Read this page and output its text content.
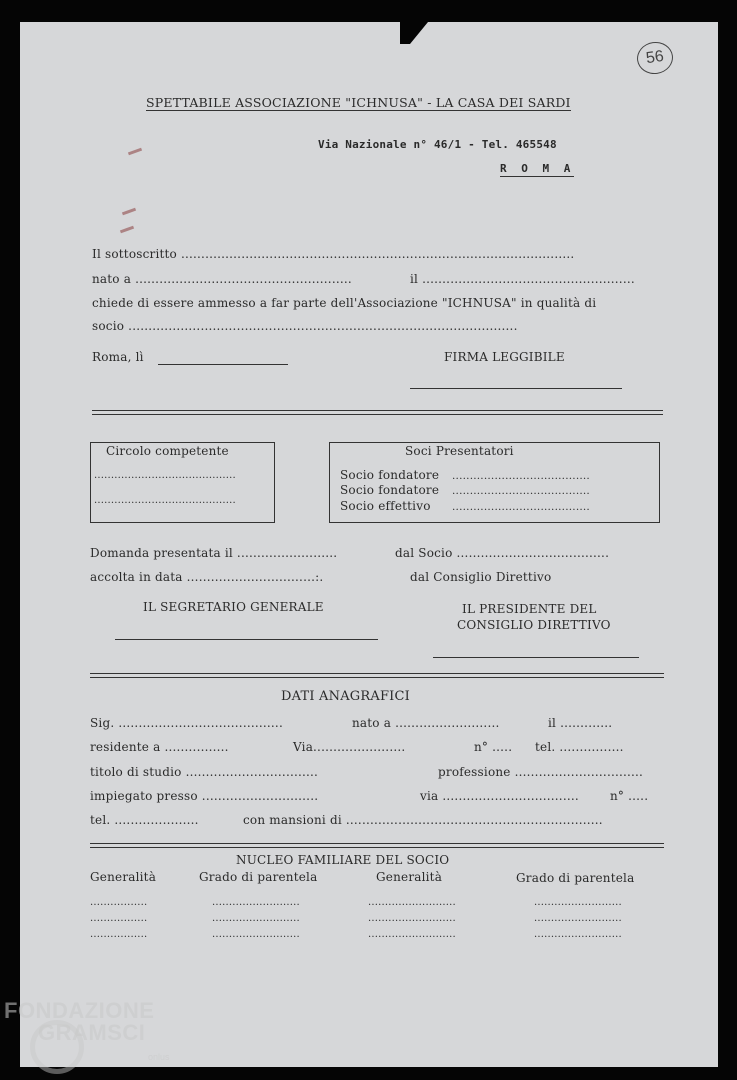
56
SPETTABILE ASSOCIAZIONE "ICHNUSA" - LA CASA DEI SARDI
Via Nazionale n° 46/1 - Tel. 465548
R O M A
Il sottoscritto ..................................................................................................
nato a ......................................................	il .....................................................
chiede di essere ammesso a far parte dell'Associazione "ICHNUSA" in qualità di
socio .................................................................................................
Roma, lì	FIRMA LEGGIBILE
Circolo competente
..........................................
..........................................
Soci Presentatori
Socio fondatore .......................................
Socio fondatore .......................................
Socio effettivo .......................................
Domanda presentata il .........................	dal Socio ......................................
accolta in data ................................:.	dal Consiglio Direttivo
IL SEGRETARIO GENERALE	IL PRESIDENTE DEL
CONSIGLIO DIRETTIVO
DATI ANAGRAFICI
Sig. .........................................	nato a ..........................	il .............
residente a ................	Via.......................	n° ..... tel. ................
titolo di studio .................................	professione ................................
impiegato presso .............................	via ..................................	n° .....
tel. .....................	con mansioni di ................................................................
NUCLEO FAMILIARE DEL SOCIO
Generalità	Grado di parentela	Generalità	Grado di parentela
.................	..........................	..........................	..........................
.................	..........................	..........................	..........................
.................	..........................	..........................	..........................
FONDAZIONE
GRAMSCI
onlus
